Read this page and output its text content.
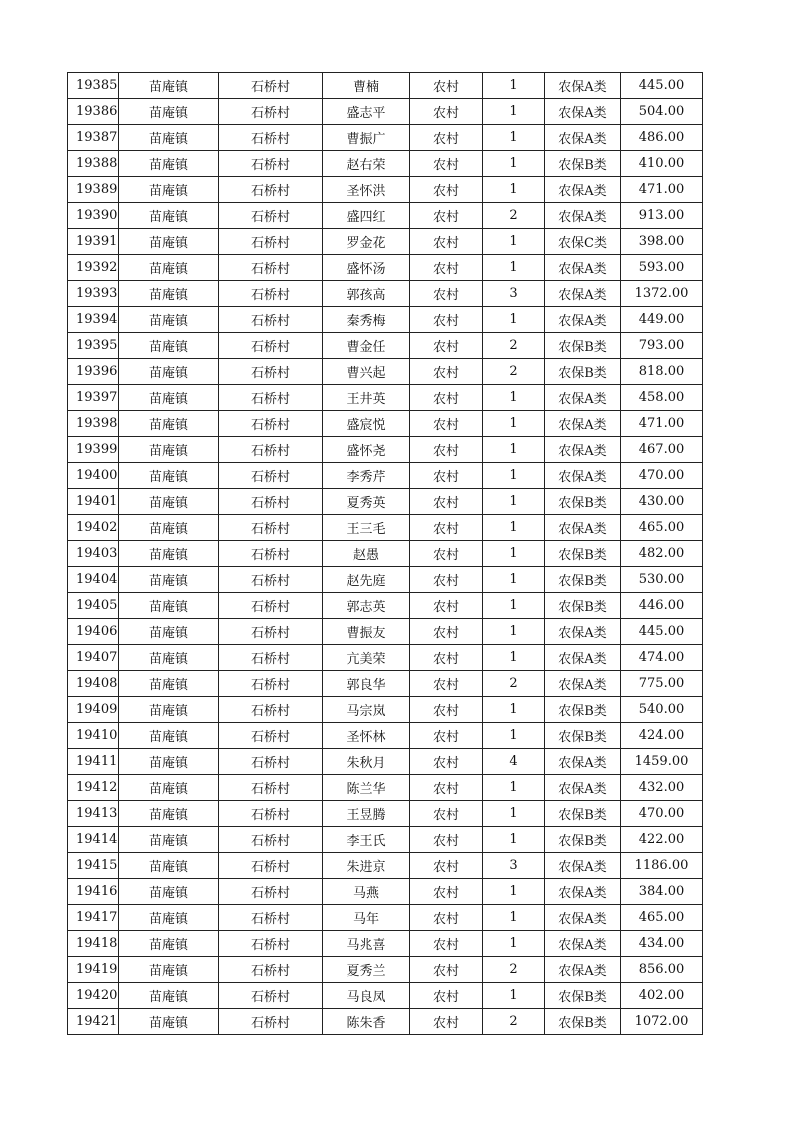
19385	苗庵镇	石桥村	曹楠	农村	1	农保A类	445.00
19386	苗庵镇	石桥村	盛志平	农村	1	农保A类	504.00
19387	苗庵镇	石桥村	曹振广	农村	1	农保A类	486.00
19388	苗庵镇	石桥村	赵右荣	农村	1	农保B类	410.00
19389	苗庵镇	石桥村	圣怀洪	农村	1	农保A类	471.00
19390	苗庵镇	石桥村	盛四红	农村	2	农保A类	913.00
19391	苗庵镇	石桥村	罗金花	农村	1	农保C类	398.00
19392	苗庵镇	石桥村	盛怀汤	农村	1	农保A类	593.00
19393	苗庵镇	石桥村	郭孩高	农村	3	农保A类	1372.00
19394	苗庵镇	石桥村	秦秀梅	农村	1	农保A类	449.00
19395	苗庵镇	石桥村	曹金任	农村	2	农保B类	793.00
19396	苗庵镇	石桥村	曹兴起	农村	2	农保B类	818.00
19397	苗庵镇	石桥村	王井英	农村	1	农保A类	458.00
19398	苗庵镇	石桥村	盛宸悦	农村	1	农保A类	471.00
19399	苗庵镇	石桥村	盛怀尧	农村	1	农保A类	467.00
19400	苗庵镇	石桥村	李秀芹	农村	1	农保A类	470.00
19401	苗庵镇	石桥村	夏秀英	农村	1	农保B类	430.00
19402	苗庵镇	石桥村	王三毛	农村	1	农保A类	465.00
19403	苗庵镇	石桥村	赵愚	农村	1	农保B类	482.00
19404	苗庵镇	石桥村	赵先庭	农村	1	农保B类	530.00
19405	苗庵镇	石桥村	郭志英	农村	1	农保B类	446.00
19406	苗庵镇	石桥村	曹振友	农村	1	农保A类	445.00
19407	苗庵镇	石桥村	亢美荣	农村	1	农保A类	474.00
19408	苗庵镇	石桥村	郭良华	农村	2	农保A类	775.00
19409	苗庵镇	石桥村	马宗岚	农村	1	农保B类	540.00
19410	苗庵镇	石桥村	圣怀林	农村	1	农保B类	424.00
19411	苗庵镇	石桥村	朱秋月	农村	4	农保A类	1459.00
19412	苗庵镇	石桥村	陈兰华	农村	1	农保A类	432.00
19413	苗庵镇	石桥村	王昱腾	农村	1	农保B类	470.00
19414	苗庵镇	石桥村	李王氏	农村	1	农保B类	422.00
19415	苗庵镇	石桥村	朱进京	农村	3	农保A类	1186.00
19416	苗庵镇	石桥村	马燕	农村	1	农保A类	384.00
19417	苗庵镇	石桥村	马年	农村	1	农保A类	465.00
19418	苗庵镇	石桥村	马兆喜	农村	1	农保A类	434.00
19419	苗庵镇	石桥村	夏秀兰	农村	2	农保A类	856.00
19420	苗庵镇	石桥村	马良凤	农村	1	农保B类	402.00
19421	苗庵镇	石桥村	陈朱香	农村	2	农保B类	1072.00
